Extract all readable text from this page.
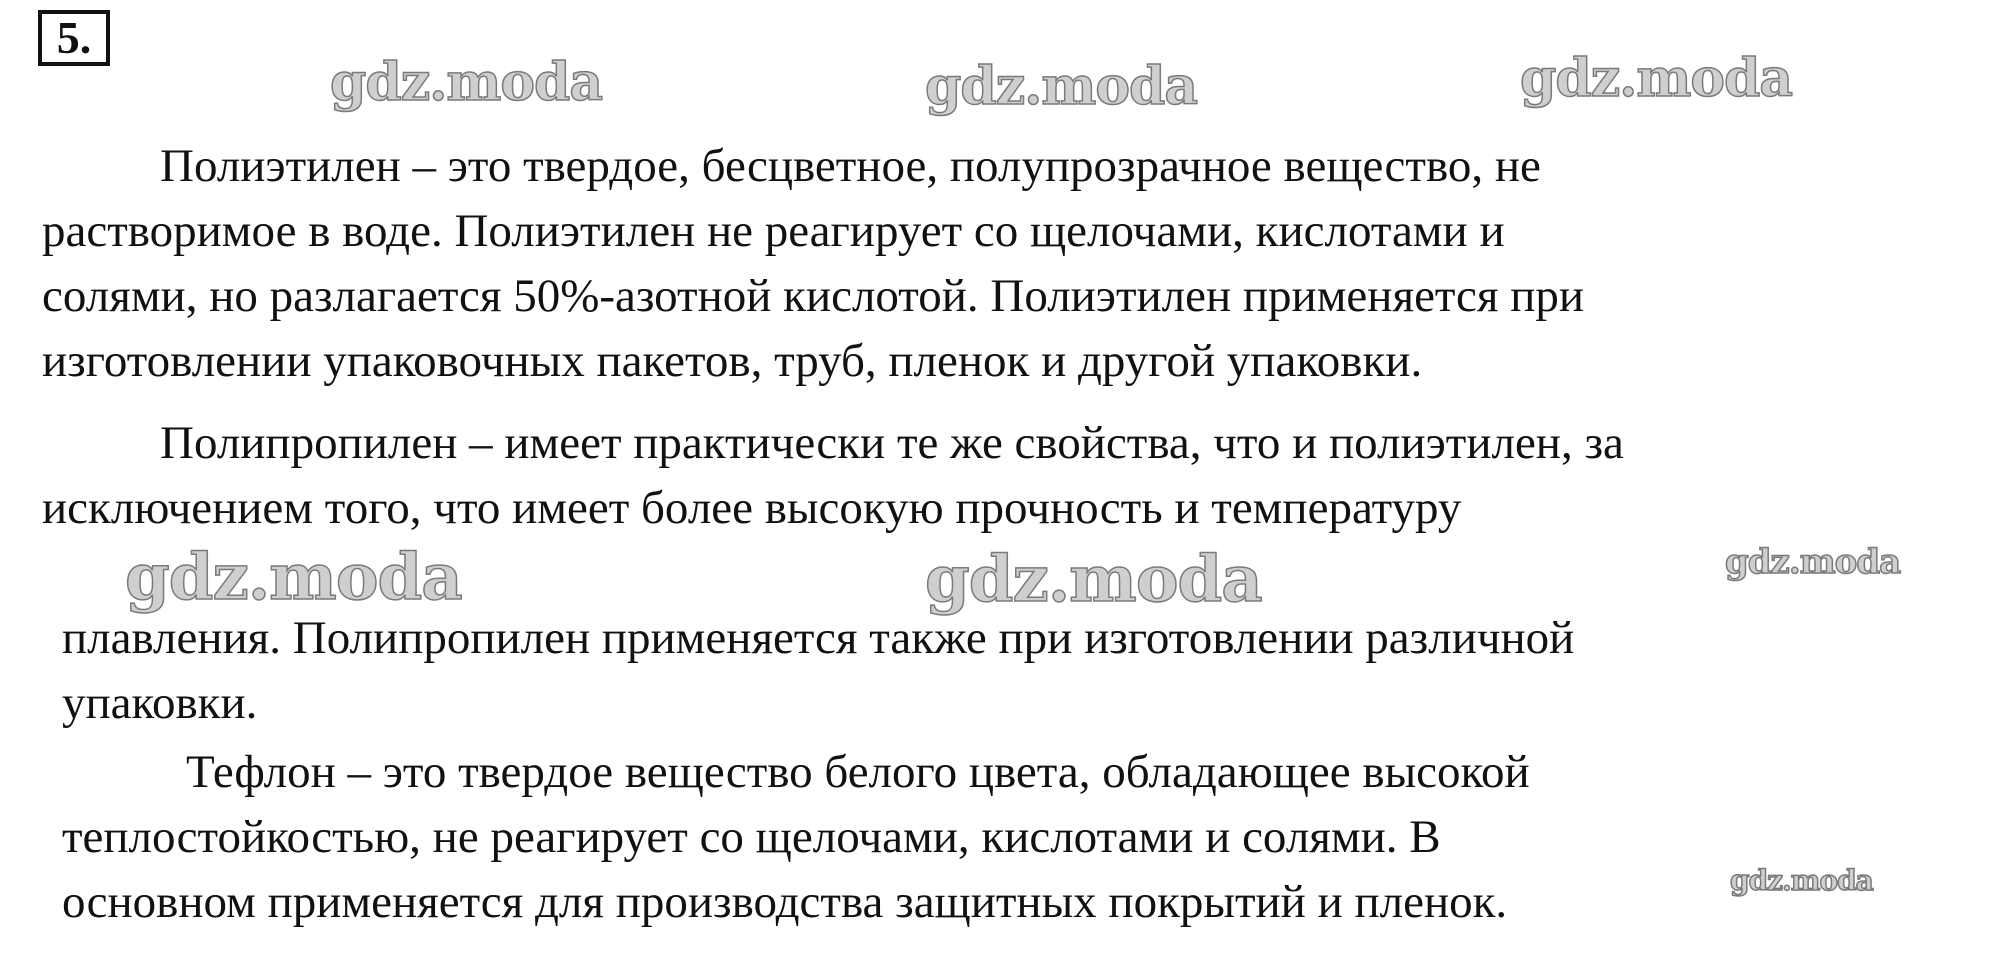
5.
gdz.moda	gdz.moda	gdz.moda
gdz.moda	gdz.moda	gdz.moda
gdz.moda
Полиэтилен – это твердое, бесцветное, полупрозрачное вещество, не
растворимое в воде. Полиэтилен не реагирует со щелочами, кислотами и
солями, но разлагается 50%-азотной кислотой. Полиэтилен применяется при
изготовлении упаковочных пакетов, труб, пленок и другой упаковки.
Полипропилен – имеет практически те же свойства, что и полиэтилен, за
исключением того, что имеет более высокую прочность и температуру
плавления. Полипропилен применяется также при изготовлении различной
упаковки.
Тефлон – это твердое вещество белого цвета, обладающее высокой
теплостойкостью, не реагирует со щелочами, кислотами и солями. В
основном применяется для производства защитных покрытий и пленок.
